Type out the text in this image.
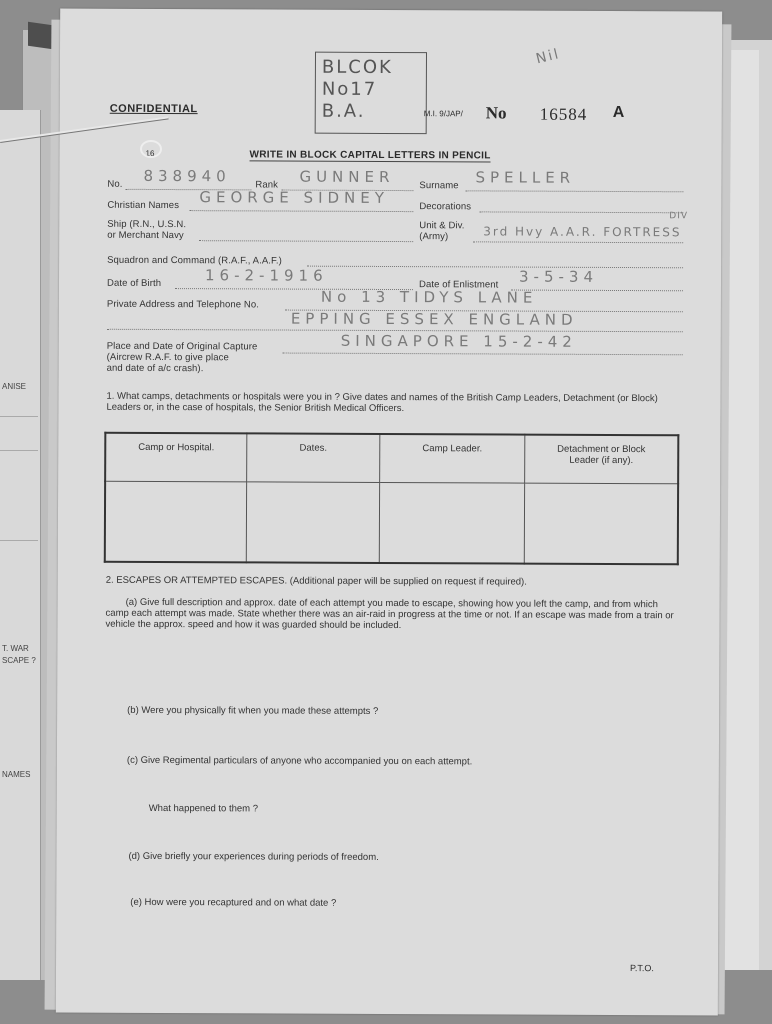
ANISE
T. WAR
SCAPE ?
NAMES
CONFIDENTIAL
BLCOK
No17
B.A.
Nil
M.I. 9/JAP/ No 16584 A
16	WRITE IN BLOCK CAPITAL LETTERS IN PENCIL
No. 838940	Rank GUNNER	Surname SPELLER
Christian Names GEORGE SIDNEY	Decorations
Ship (R.N., U.S.N.
or Merchant Navy
Unit & Div.
(Army)	3rd Hvy A.A.R. FORTRESS
DIV
Squadron and Command (R.A.F., A.A.F.)
Date of Birth	16-2-1916
Date of Enlistment 3-5-34
Private Address and Telephone No.	No 13 TIDYS LANE
EPPING ESSEX ENGLAND
Place and Date of Original Capture
(Aircrew R.A.F. to give place
and date of a/c crash).
SINGAPORE 15-2-42
1. What camps, detachments or hospitals were you in ? Give dates and names of the British Camp Leaders, Detachment (or Block) Leaders or, in the case of hospitals, the Senior British Medical Officers.
Camp or Hospital.	Dates.	Camp Leader.	Detachment or Block Leader (if any).

2. ESCAPES OR ATTEMPTED ESCAPES. (Additional paper will be supplied on request if required).
(a) Give full description and approx. date of each attempt you made to escape, showing how you left the camp, and from which camp each attempt was made. State whether there was an air-raid in progress at the time or not. If an escape was made from a train or vehicle the approx. speed and how it was guarded should be included.
(b) Were you physically fit when you made these attempts ?
(c) Give Regimental particulars of anyone who accompanied you on each attempt.
What happened to them ?
(d) Give briefly your experiences during periods of freedom.
(e) How were you recaptured and on what date ?
P.T.O.
